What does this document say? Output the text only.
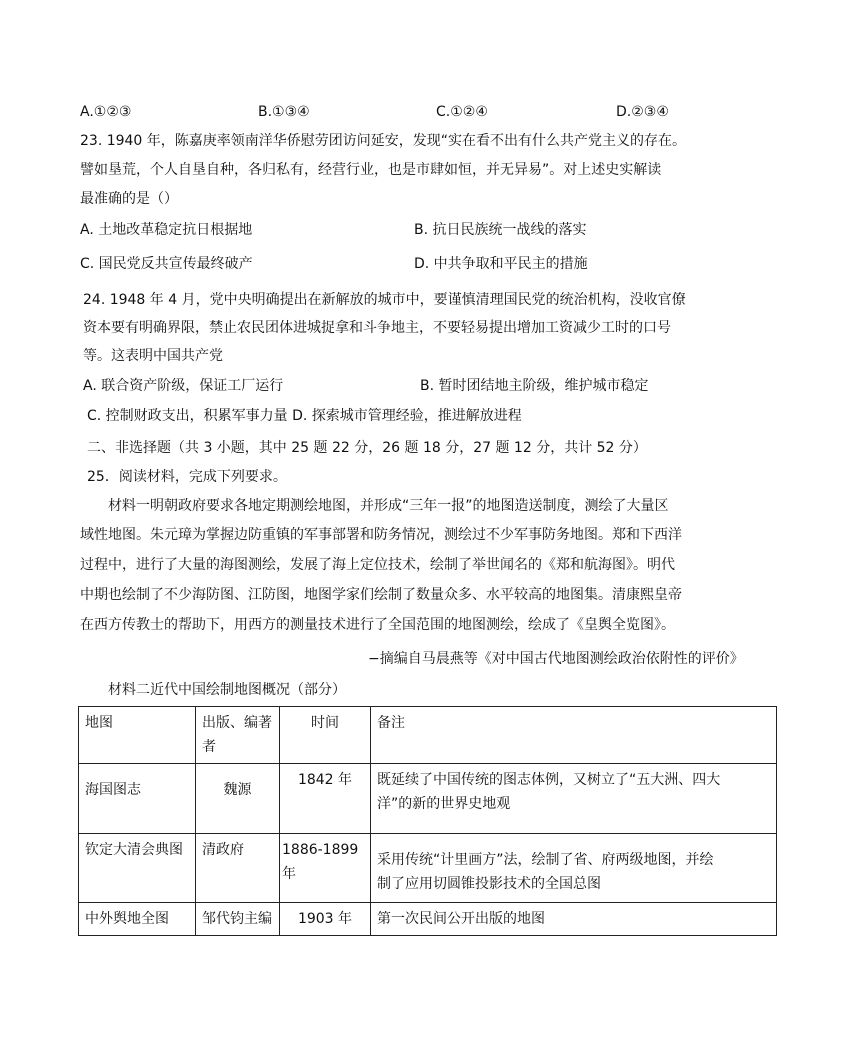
A.①②③	B.①③④	C.①②④	D.②③④
23. 1940 年，陈嘉庚率领南洋华侨慰劳团访问延安，发现“实在看不出有什么共产党主义的存在。
譬如垦荒，个人自垦自种，各归私有，经营行业，也是市肆如恒，并无异易”。对上述史实解读
最准确的是（）
A. 土地改革稳定抗日根据地	B. 抗日民族统一战线的落实
C. 国民党反共宣传最终破产	D. 中共争取和平民主的措施
24. 1948 年 4 月，党中央明确提出在新解放的城市中，要谨慎清理国民党的统治机构，没收官僚
资本要有明确界限，禁止农民团体进城捉拿和斗争地主，不要轻易提出增加工资减少工时的口号
等。这表明中国共产党
A. 联合资产阶级，保证工厂运行	B. 暂时团结地主阶级，维护城市稳定
C. 控制财政支出，积累军事力量 D. 探索城市管理经验，推进解放进程
二、非选择题（共 3 小题，其中 25 题 22 分，26 题 18 分，27 题 12 分，共计 52 分）
25．阅读材料，完成下列要求。
材料一明朝政府要求各地定期测绘地图，并形成“三年一报”的地图造送制度，测绘了大量区
域性地图。朱元璋为掌握边防重镇的军事部署和防务情况，测绘过不少军事防务地图。郑和下西洋
过程中，进行了大量的海图测绘，发展了海上定位技术，绘制了举世闻名的《郑和航海图》。明代
中期也绘制了不少海防图、江防图，地图学家们绘制了数量众多、水平较高的地图集。清康熙皇帝
在西方传教士的帮助下，用西方的测量技术进行了全国范围的地图测绘，绘成了《皇舆全览图》。
−摘编自马晨燕等《对中国古代地图测绘政治依附性的评价》
材料二近代中国绘制地图概况（部分）
地图	出版、编著者	时间	备注
海国图志	魏源	1842 年	既延续了中国传统的图志体例，又树立了“五大洲、四大
洋”的新的世界史地观

钦定大清会典图	清政府	1886-1899 年	采用传统“计里画方”法，绘制了省、府两级地图，并绘
制了应用切圆锥投影技术的全国总图

中外舆地全图	邹代钧主编	1903 年	第一次民间公开出版的地图
